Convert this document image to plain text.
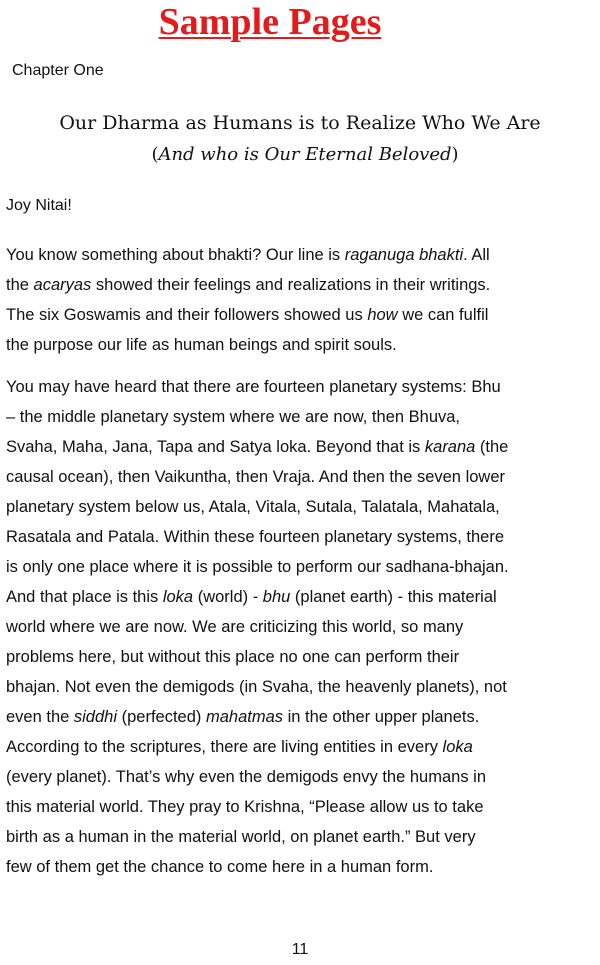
Sample Pages
Chapter One
Our Dharma as Humans is to Realize Who We Are
(And who is Our Eternal Beloved)
Joy Nitai!

You know something about bhakti? Our line is raganuga bhakti. All
the acaryas showed their feelings and realizations in their writings.
The six Goswamis and their followers showed us how we can fulfil
the purpose our life as human beings and spirit souls.

You may have heard that there are fourteen planetary systems: Bhu
– the middle planetary system where we are now, then Bhuva,
Svaha, Maha, Jana, Tapa and Satya loka. Beyond that is karana (the
causal ocean), then Vaikuntha, then Vraja. And then the seven lower
planetary system below us, Atala, Vitala, Sutala, Talatala, Mahatala,
Rasatala and Patala. Within these fourteen planetary systems, there
is only one place where it is possible to perform our sadhana-bhajan.
And that place is this loka (world) - bhu (planet earth) - this material
world where we are now. We are criticizing this world, so many
problems here, but without this place no one can perform their
bhajan. Not even the demigods (in Svaha, the heavenly planets), not
even the siddhi (perfected) mahatmas in the other upper planets.
According to the scriptures, there are living entities in every loka
(every planet). That’s why even the demigods envy the humans in
this material world. They pray to Krishna, “Please allow us to take
birth as a human in the material world, on planet earth.” But very
few of them get the chance to come here in a human form.

11
